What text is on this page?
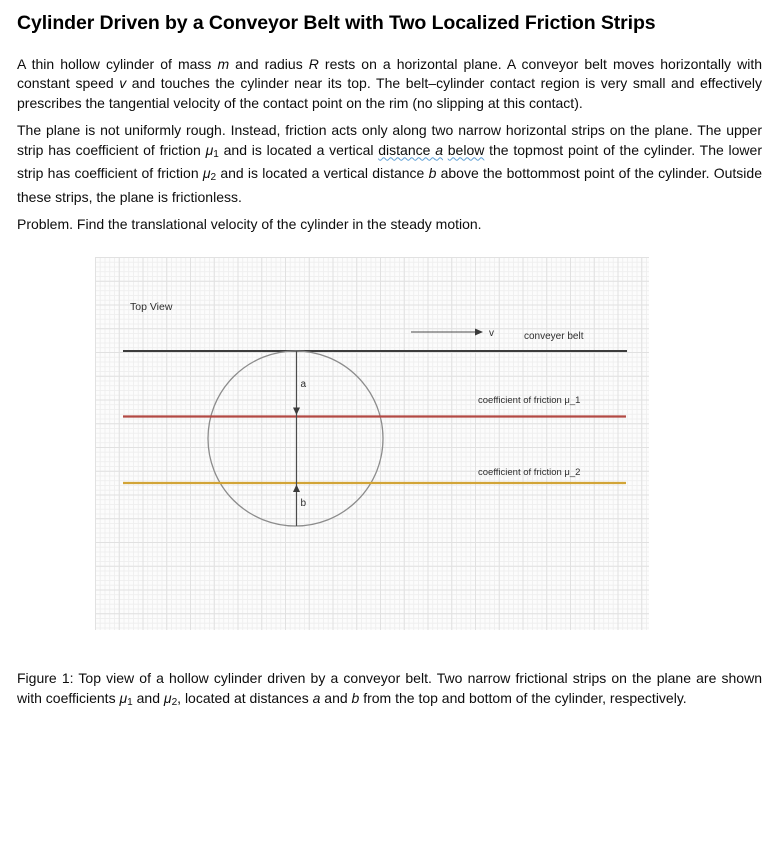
Cylinder Driven by a Conveyor Belt with Two Localized Friction Strips

A thin hollow cylinder of mass m and radius R rests on a horizontal plane. A conveyor belt moves horizontally with constant speed v and touches the cylinder near its top. The belt–cylinder contact region is very small and effectively prescribes the tangential velocity of the contact point on the rim (no slipping at this contact).

The plane is not uniformly rough. Instead, friction acts only along two narrow horizontal strips on the plane. The upper strip has coefficient of friction $\mu_1$ and is located a vertical distance a below the topmost point of the cylinder. The lower strip has coefficient of friction $\mu_2$ and is located a vertical distance b above the bottommost point of the cylinder. Outside these strips, the plane is frictionless.

Problem. Find the translational velocity of the cylinder in the steady motion.

Top View
v	conveyer belt
coefficient of friction μ_1
coefficient of friction μ_2
a
b

Figure 1: Top view of a hollow cylinder driven by a conveyor belt. Two narrow frictional strips on the plane are shown with coefficients $\mu_1$ and $\mu_2$, located at distances a and b from the top and bottom of the cylinder, respectively.
